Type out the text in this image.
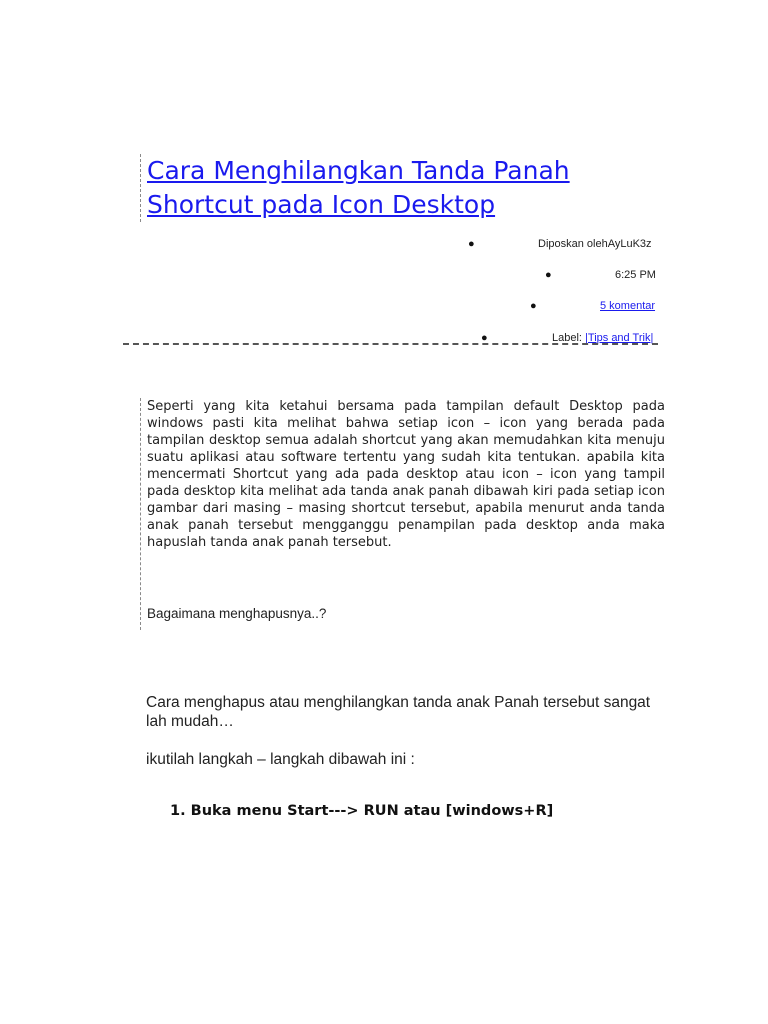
Cara Menghilangkan Tanda Panah
Shortcut pada Icon Desktop
●	Diposkan olehAyLuK3z
●	6:25 PM
●	5 komentar
●	Label: |Tips and Trik|

Seperti yang kita ketahui bersama pada tampilan default Desktop pada windows pasti kita melihat bahwa setiap icon – icon yang berada pada tampilan desktop semua adalah shortcut yang akan memudahkan kita menuju suatu aplikasi atau software tertentu yang sudah kita tentukan. apabila kita mencermati Shortcut yang ada pada desktop atau icon – icon yang tampil pada desktop kita melihat ada tanda anak panah dibawah kiri pada setiap icon gambar dari masing – masing shortcut tersebut, apabila menurut anda tanda anak panah tersebut mengganggu penampilan pada desktop anda maka hapuslah tanda anak panah tersebut.

Bagaimana menghapusnya..?

Cara menghapus atau menghilangkan tanda anak Panah tersebut sangat lah mudah…

ikutilah langkah – langkah dibawah ini :

1. Buka menu Start---> RUN atau [windows+R]
